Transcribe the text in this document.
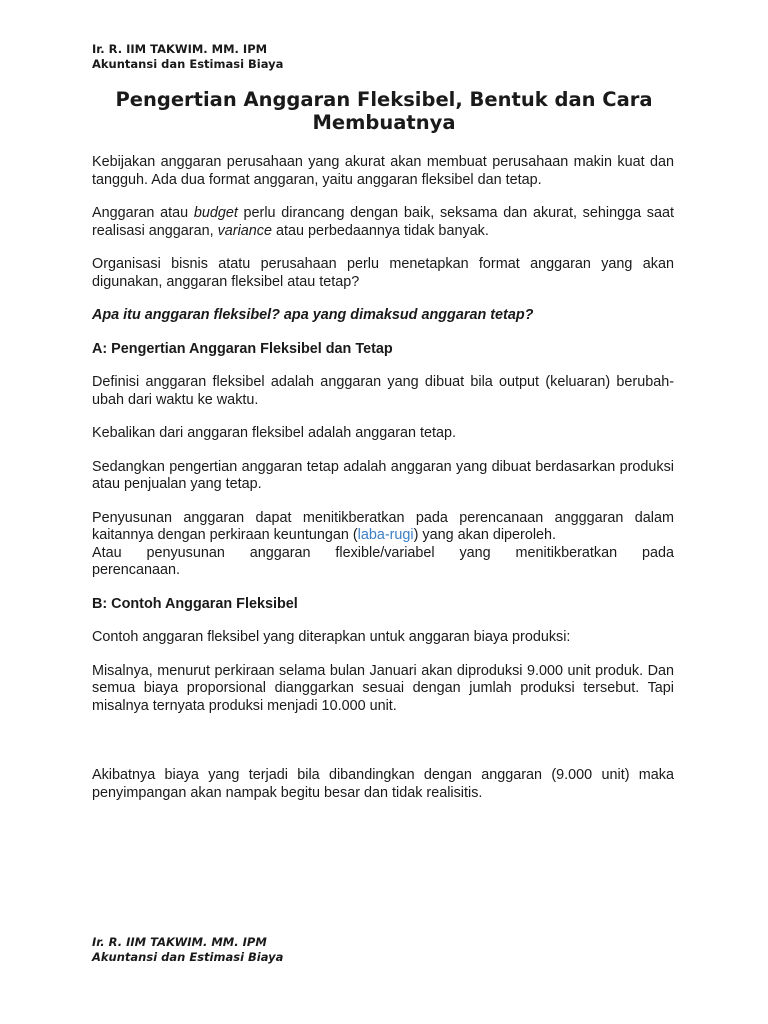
Ir. R. IIM TAKWIM. MM. IPM
Akuntansi dan Estimasi Biaya
Pengertian Anggaran Fleksibel, Bentuk dan Cara Membuatnya

Kebijakan anggaran perusahaan yang akurat akan membuat perusahaan makin kuat dan tangguh. Ada dua format anggaran, yaitu anggaran fleksibel dan tetap.

Anggaran atau budget perlu dirancang dengan baik, seksama dan akurat, sehingga saat realisasi anggaran, variance atau perbedaannya tidak banyak.

Organisasi bisnis atatu perusahaan perlu menetapkan format anggaran yang akan digunakan, anggaran fleksibel atau tetap?

Apa itu anggaran fleksibel? apa yang dimaksud anggaran tetap?

A: Pengertian Anggaran Fleksibel dan Tetap

Definisi anggaran fleksibel adalah anggaran yang dibuat bila output (keluaran) berubah-ubah dari waktu ke waktu.

Kebalikan dari anggaran fleksibel adalah anggaran tetap.

Sedangkan pengertian anggaran tetap adalah anggaran yang dibuat berdasarkan produksi atau penjualan yang tetap.

Penyusunan anggaran dapat menitikberatkan pada perencanaan angggaran dalam kaitannya dengan perkiraan keuntungan (laba-rugi) yang akan diperoleh.

Atau penyusunan anggaran flexible/variabel yang menitikberatkan pada

perencanaan.

B: Contoh Anggaran Fleksibel

Contoh anggaran fleksibel yang diterapkan untuk anggaran biaya produksi:

Misalnya, menurut perkiraan selama bulan Januari akan diproduksi 9.000 unit produk. Dan semua biaya proporsional dianggarkan sesuai dengan jumlah produksi tersebut. Tapi misalnya ternyata produksi menjadi 10.000 unit.

Akibatnya biaya yang terjadi bila dibandingkan dengan anggaran (9.000 unit) maka penyimpangan akan nampak begitu besar dan tidak realisitis.

Ir. R. IIM TAKWIM. MM. IPM
Akuntansi dan Estimasi Biaya
